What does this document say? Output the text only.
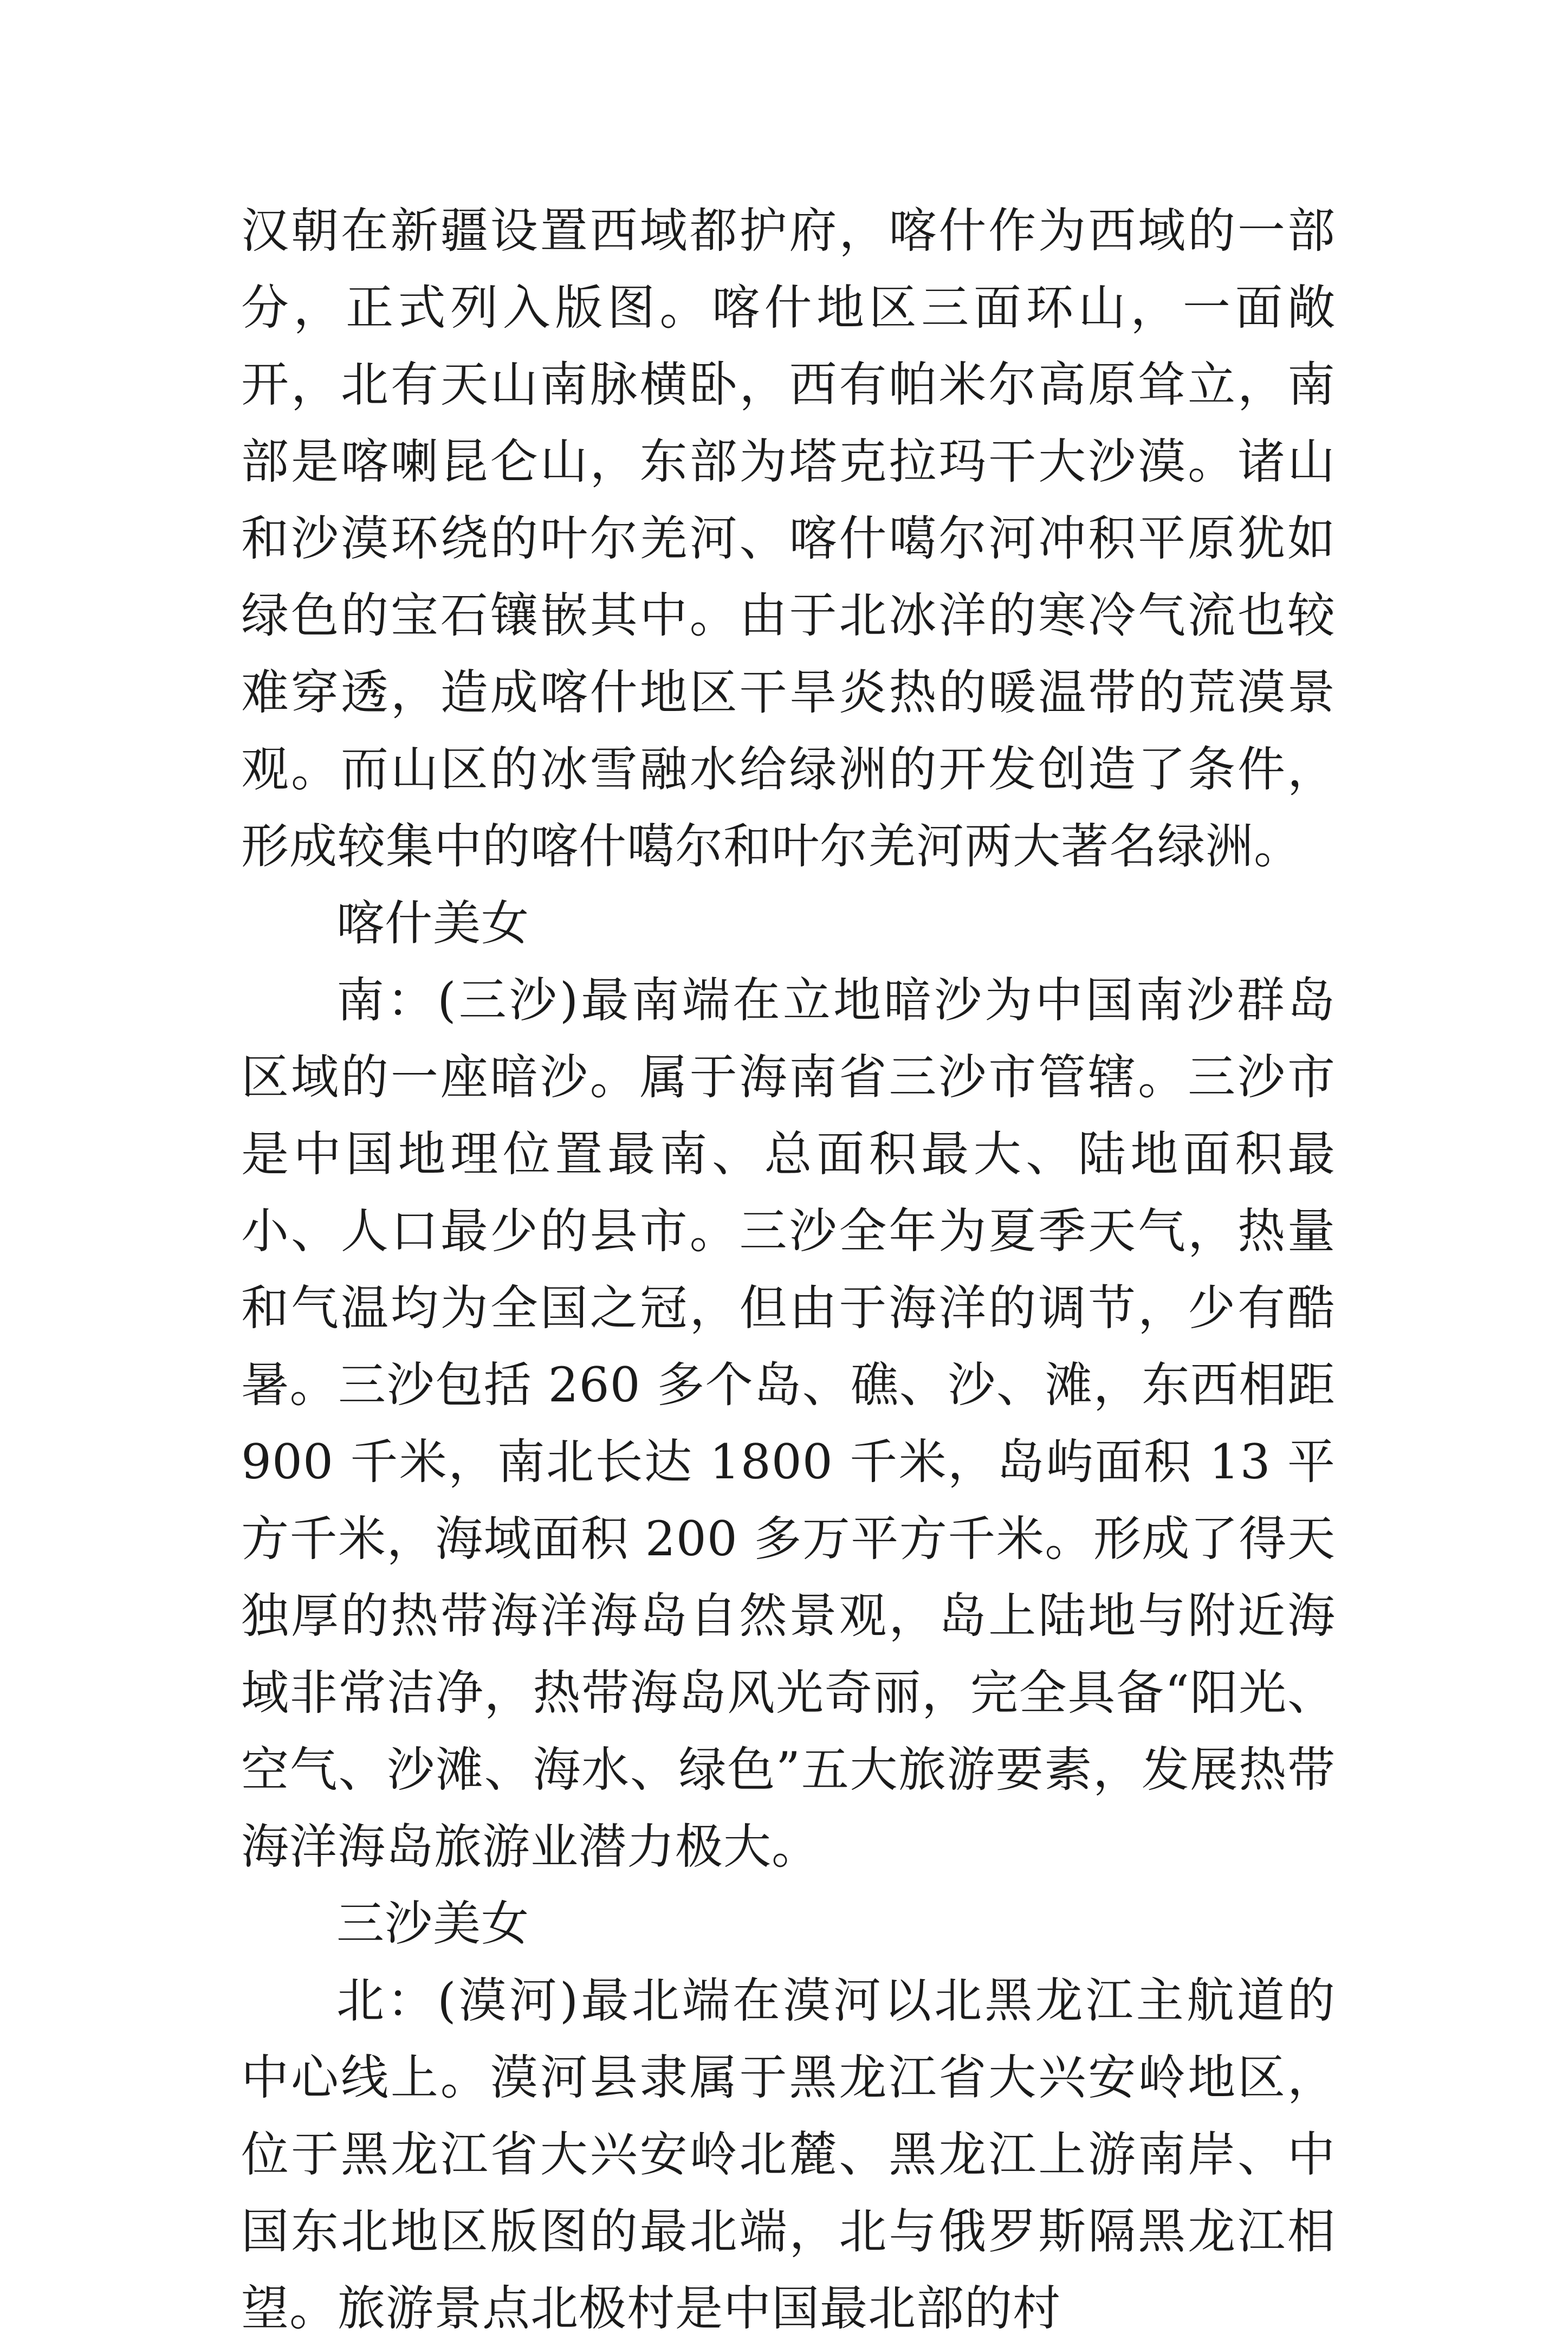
汉朝在新疆设置西域都护府，喀什作为西域的一部分，正式列入版图。喀什地区三面环山，一面敞开，北有天山南脉横卧，西有帕米尔高原耸立，南部是喀喇昆仑山，东部为塔克拉玛干大沙漠。诸山和沙漠环绕的叶尔羌河、喀什噶尔河冲积平原犹如绿色的宝石镶嵌其中。由于北冰洋的寒冷气流也较难穿透，造成喀什地区干旱炎热的暖温带的荒漠景观。而山区的冰雪融水给绿洲的开发创造了条件，形成较集中的喀什噶尔和叶尔羌河两大著名绿洲。

喀什美女

南：(三沙)最南端在立地暗沙为中国南沙群岛区域的一座暗沙。属于海南省三沙市管辖。三沙市是中国地理位置最南、总面积最大、陆地面积最小、人口最少的县市。三沙全年为夏季天气，热量和气温均为全国之冠，但由于海洋的调节，少有酷暑。三沙包括 260 多个岛、礁、沙、滩，东西相距 900 千米，南北长达 1800 千米，岛屿面积 13 平方千米，海域面积 200 多万平方千米。形成了得天独厚的热带海洋海岛自然景观，岛上陆地与附近海域非常洁净，热带海岛风光奇丽，完全具备“阳光、空气、沙滩、海水、绿色”五大旅游要素，发展热带海洋海岛旅游业潜力极大。

三沙美女

北：(漠河)最北端在漠河以北黑龙江主航道的中心线上。漠河县隶属于黑龙江省大兴安岭地区，位于黑龙江省大兴安岭北麓、黑龙江上游南岸、中国东北地区版图的最北端，北与俄罗斯隔黑龙江相望。旅游景点北极村是中国最北部的村
